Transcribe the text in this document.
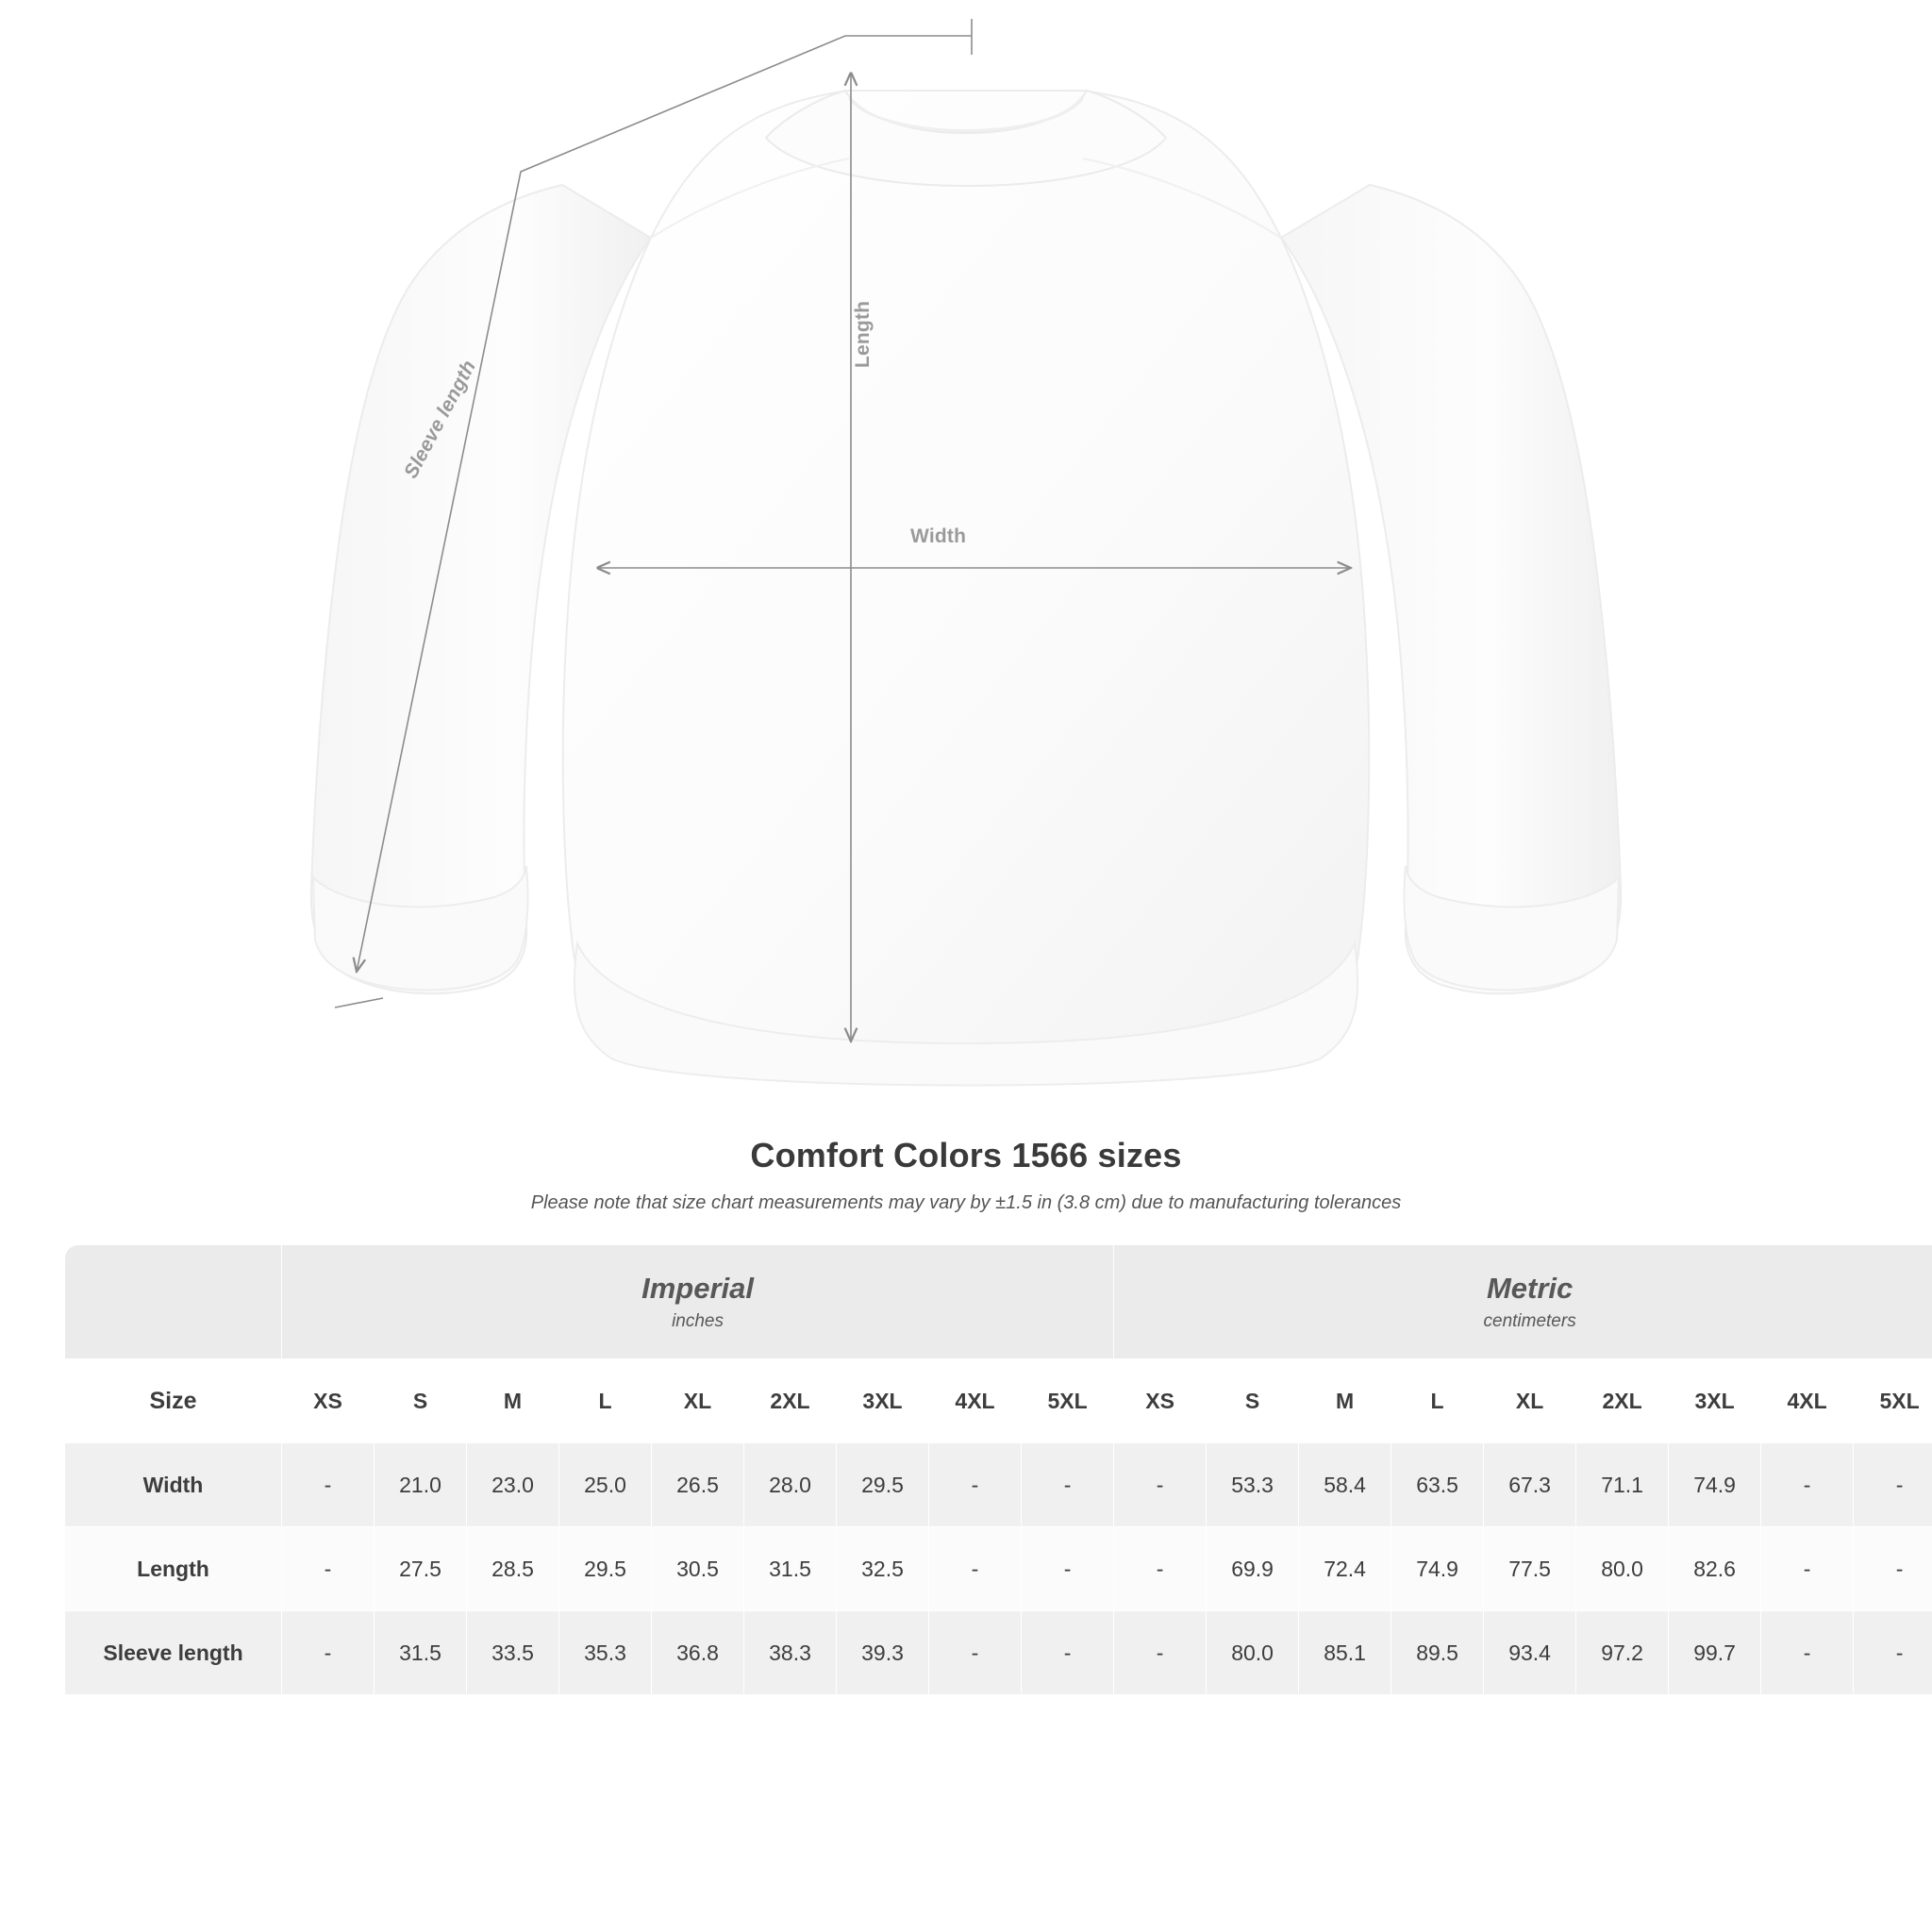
Width
Length
Sleeve length
Comfort Colors 1566 sizes
Please note that size chart measurements may vary by ±1.5 in (3.8 cm) due to manufacturing tolerances

Imperial
inches

Metric
centimeters

Size	XS	S	M	L	XL	2XL	3XL	4XL	5XL	XS	S	M	L	XL	2XL	3XL	4XL	5XL
Width	-	21.0	23.0	25.0	26.5	28.0	29.5	-	-	-	53.3	58.4	63.5	67.3	71.1	74.9	-	-
Length	-	27.5	28.5	29.5	30.5	31.5	32.5	-	-	-	69.9	72.4	74.9	77.5	80.0	82.6	-	-
Sleeve length	-	31.5	33.5	35.3	36.8	38.3	39.3	-	-	-	80.0	85.1	89.5	93.4	97.2	99.7	-	-
